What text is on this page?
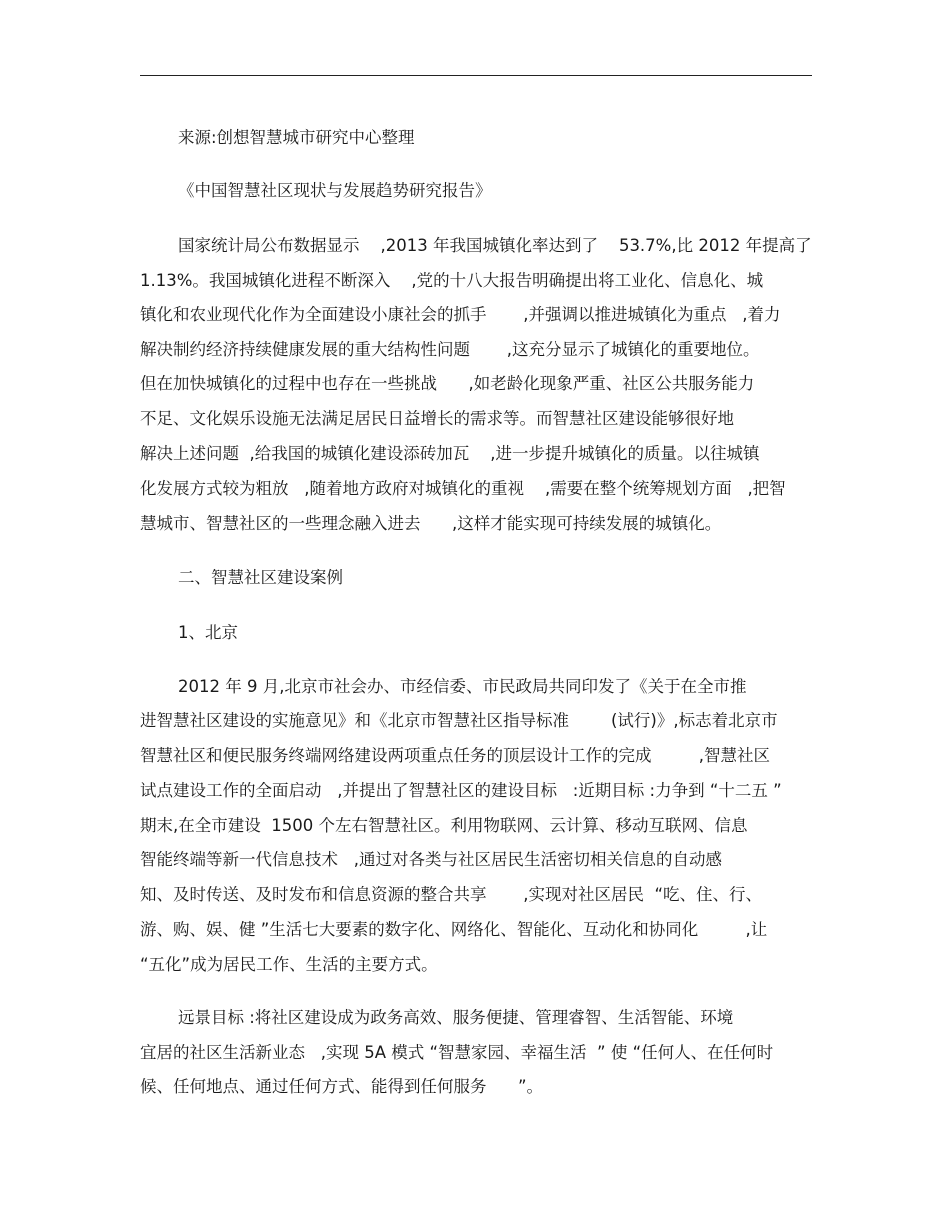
来源:创想智慧城市研究中心整理
《中国智慧社区现状与发展趋势研究报告》
国家统计局公布数据显示    ,2013 年我国城镇化率达到了    53.7%,比 2012 年提高了
1.13%。我国城镇化进程不断深入    ,党的十八大报告明确提出将工业化、信息化、城
镇化和农业现代化作为全面建设小康社会的抓手       ,并强调以推进城镇化为重点   ,着力
解决制约经济持续健康发展的重大结构性问题       ,这充分显示了城镇化的重要地位。
但在加快城镇化的过程中也存在一些挑战      ,如老龄化现象严重、社区公共服务能力
不足、文化娱乐设施无法满足居民日益增长的需求等。而智慧社区建设能够很好地
解决上述问题  ,给我国的城镇化建设添砖加瓦    ,进一步提升城镇化的质量。以往城镇
化发展方式较为粗放   ,随着地方政府对城镇化的重视    ,需要在整个统筹规划方面   ,把智
慧城市、智慧社区的一些理念融入进去      ,这样才能实现可持续发展的城镇化。
二、智慧社区建设案例
1、北京
2012 年 9 月,北京市社会办、市经信委、市民政局共同印发了《关于在全市推
进智慧社区建设的实施意见》和《北京市智慧社区指导标准        (试行)》,标志着北京市
智慧社区和便民服务终端网络建设两项重点任务的顶层设计工作的完成         ,智慧社区
试点建设工作的全面启动   ,并提出了智慧社区的建设目标   :近期目标 :力争到 “十二五 ”
期末,在全市建设  1500 个左右智慧社区。利用物联网、云计算、移动互联网、信息
智能终端等新一代信息技术   ,通过对各类与社区居民生活密切相关信息的自动感
知、及时传送、及时发布和信息资源的整合共享       ,实现对社区居民  “吃、住、行、
游、购、娱、健 ”生活七大要素的数字化、网络化、智能化、互动化和协同化         ,让
“五化”成为居民工作、生活的主要方式。
远景目标 :将社区建设成为政务高效、服务便捷、管理睿智、生活智能、环境
宜居的社区生活新业态   ,实现 5A 模式 “智慧家园、幸福生活  ” 使 “任何人、在任何时
候、任何地点、通过任何方式、能得到任何服务      ”。
